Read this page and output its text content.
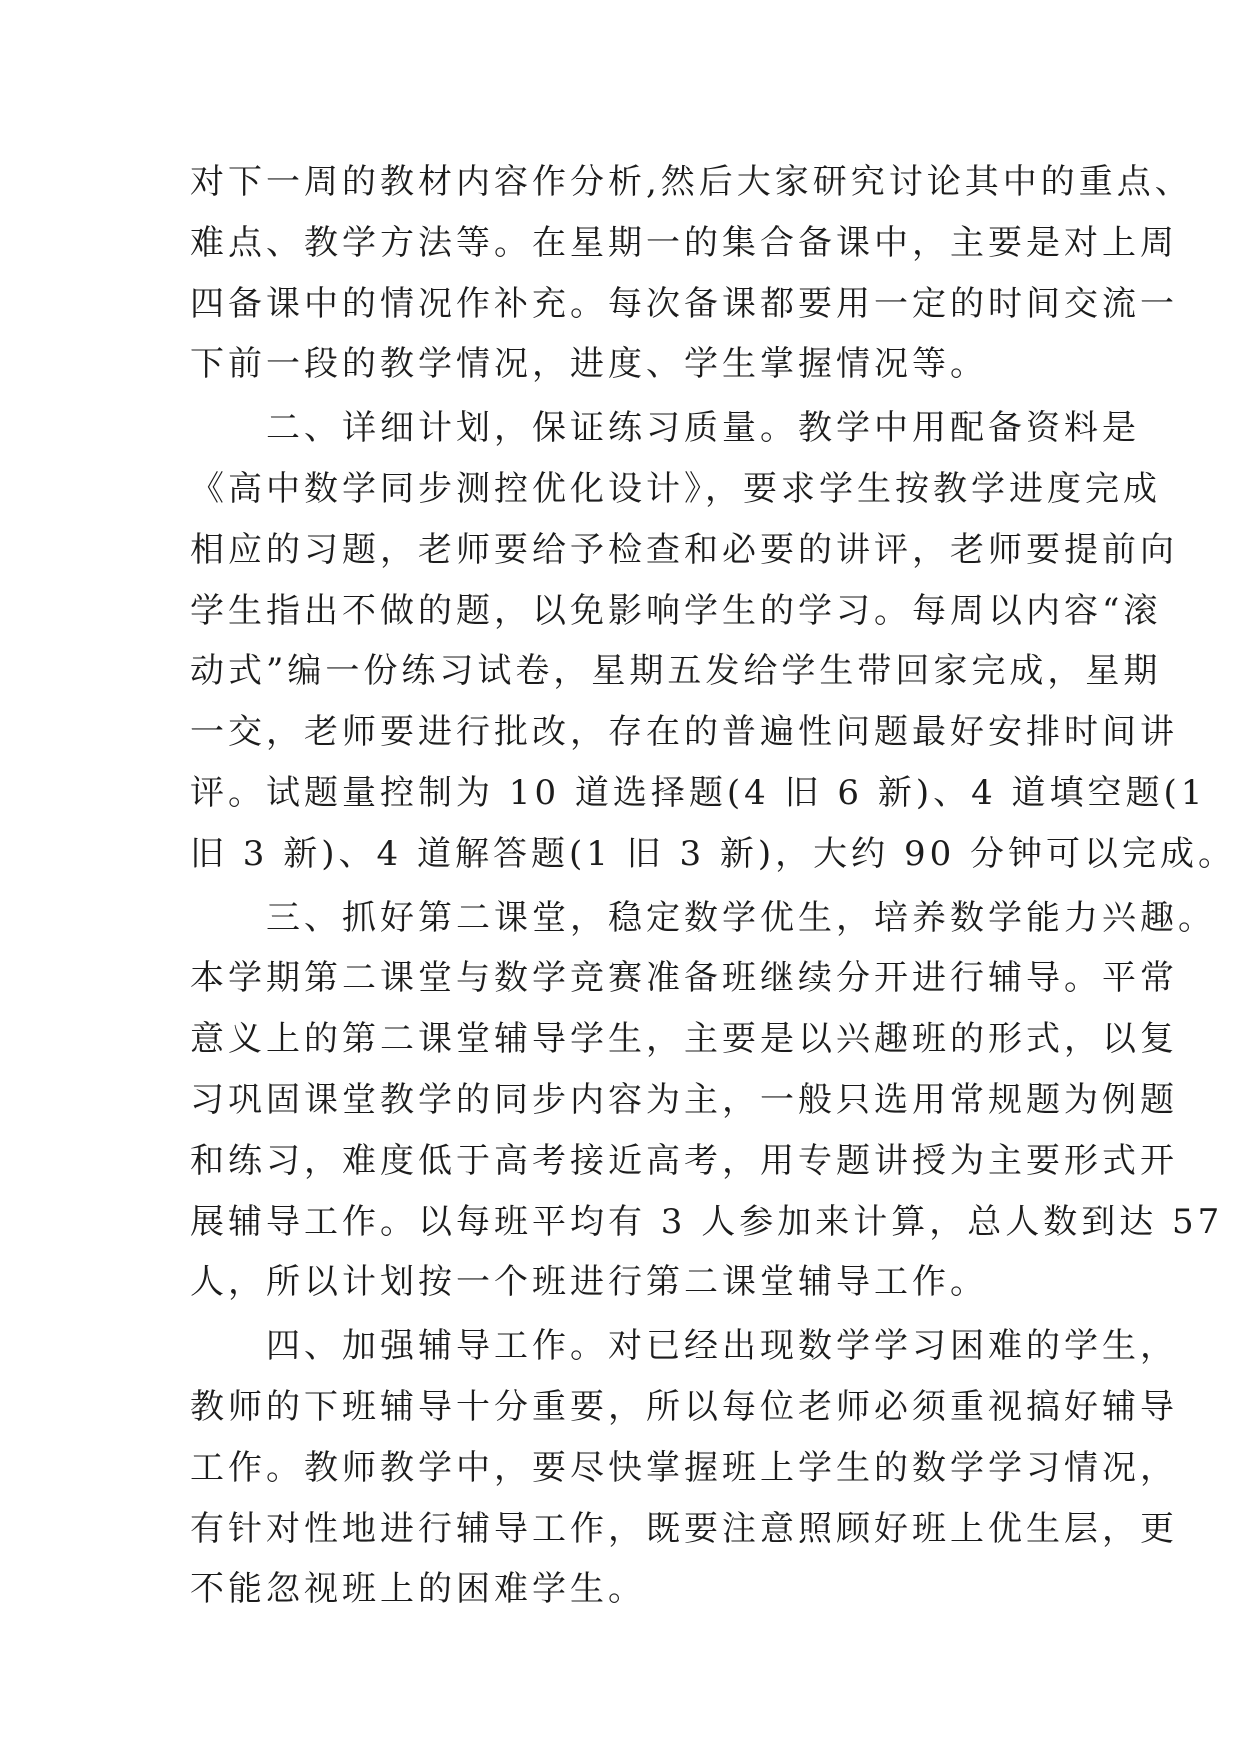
对下一周的教材内容作分析,然后大家研究讨论其中的重点、
难点、教学方法等。在星期一的集合备课中，主要是对上周
四备课中的情况作补充。每次备课都要用一定的时间交流一
下前一段的教学情况，进度、学生掌握情况等。
二、详细计划，保证练习质量。教学中用配备资料是
《高中数学同步测控优化设计》，要求学生按教学进度完成
相应的习题，老师要给予检查和必要的讲评，老师要提前向
学生指出不做的题，以免影响学生的学习。每周以内容“滚
动式”编一份练习试卷，星期五发给学生带回家完成，星期
一交，老师要进行批改，存在的普遍性问题最好安排时间讲
评。试题量控制为 10 道选择题(4 旧 6 新)、4 道填空题(1
旧 3 新)、4 道解答题(1 旧 3 新)，大约 90 分钟可以完成。
三、抓好第二课堂，稳定数学优生，培养数学能力兴趣。
本学期第二课堂与数学竞赛准备班继续分开进行辅导。平常
意义上的第二课堂辅导学生，主要是以兴趣班的形式，以复
习巩固课堂教学的同步内容为主，一般只选用常规题为例题
和练习，难度低于高考接近高考，用专题讲授为主要形式开
展辅导工作。以每班平均有 3 人参加来计算，总人数到达 57
人，所以计划按一个班进行第二课堂辅导工作。
四、加强辅导工作。对已经出现数学学习困难的学生，
教师的下班辅导十分重要，所以每位老师必须重视搞好辅导
工作。教师教学中，要尽快掌握班上学生的数学学习情况，
有针对性地进行辅导工作，既要注意照顾好班上优生层，更
不能忽视班上的困难学生。
